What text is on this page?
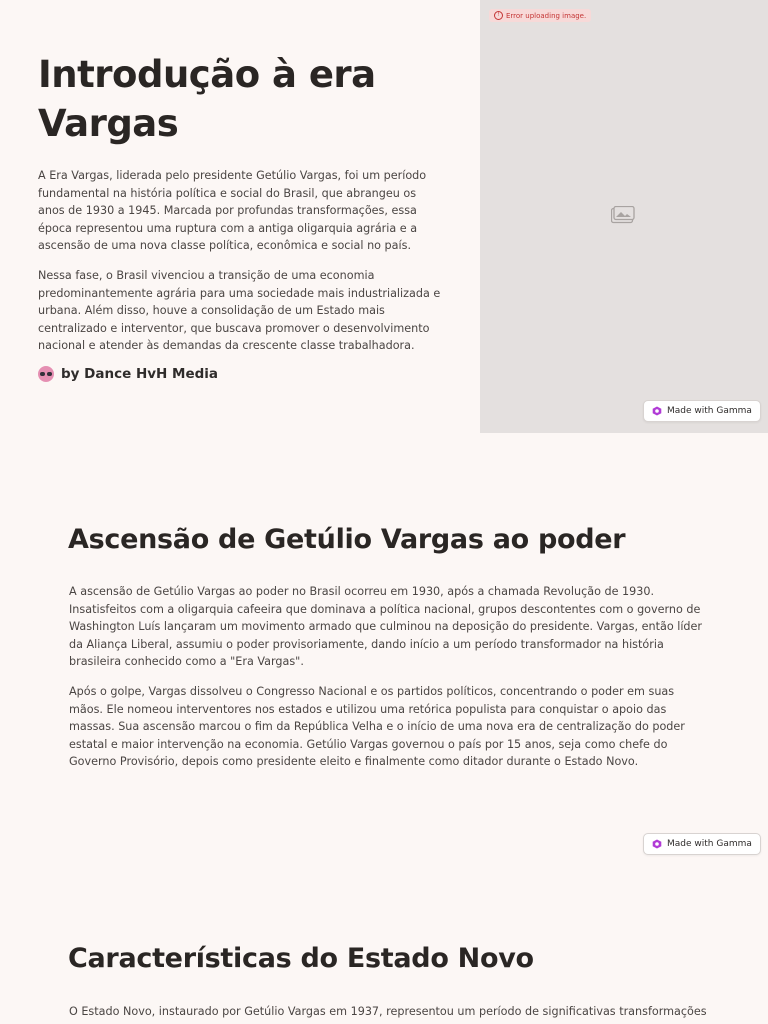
Introdução à era Vargas

A Era Vargas, liderada pelo presidente Getúlio Vargas, foi um período fundamental na história política e social do Brasil, que abrangeu os anos de 1930 a 1945. Marcada por profundas transformações, essa época representou uma ruptura com a antiga oligarquia agrária e a ascensão de uma nova classe política, econômica e social no país.

Nessa fase, o Brasil vivenciou a transição de uma economia predominantemente agrária para uma sociedade mais industrializada e urbana. Além disso, houve a consolidação de um Estado mais centralizado e interventor, que buscava promover o desenvolvimento nacional e atender às demandas da crescente classe trabalhadora.

by Dance HvH Media
! Error uploading image.
Made with Gamma
Ascensão de Getúlio Vargas ao poder

A ascensão de Getúlio Vargas ao poder no Brasil ocorreu em 1930, após a chamada Revolução de 1930. Insatisfeitos com a oligarquia cafeeira que dominava a política nacional, grupos descontentes com o governo de Washington Luís lançaram um movimento armado que culminou na deposição do presidente. Vargas, então líder da Aliança Liberal, assumiu o poder provisoriamente, dando início a um período transformador na história brasileira conhecido como a "Era Vargas".

Após o golpe, Vargas dissolveu o Congresso Nacional e os partidos políticos, concentrando o poder em suas mãos. Ele nomeou interventores nos estados e utilizou uma retórica populista para conquistar o apoio das massas. Sua ascensão marcou o fim da República Velha e o início de uma nova era de centralização do poder estatal e maior intervenção na economia. Getúlio Vargas governou o país por 15 anos, seja como chefe do Governo Provisório, depois como presidente eleito e finalmente como ditador durante o Estado Novo.

Made with Gamma
Características do Estado Novo

O Estado Novo, instaurado por Getúlio Vargas em 1937, representou um período de significativas transformações
